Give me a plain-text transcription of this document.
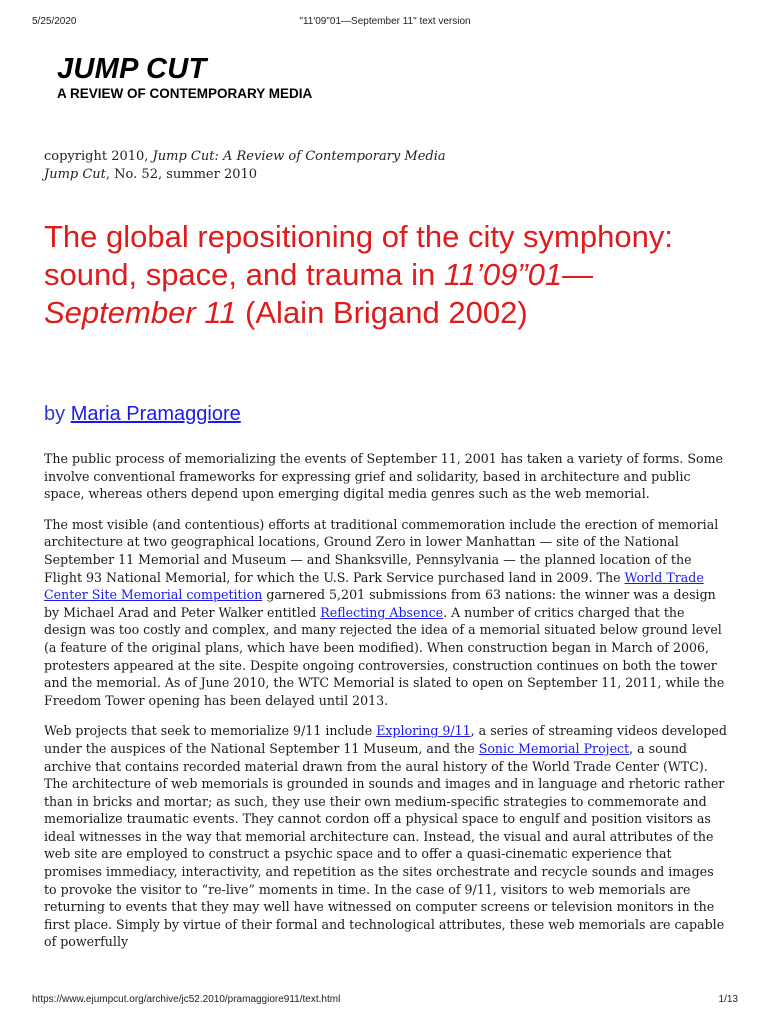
5/25/2020	"11'09"01—September 11" text version
JUMP CUT
A REVIEW OF CONTEMPORARY MEDIA
copyright 2010, Jump Cut: A Review of Contemporary Media
Jump Cut, No. 52, summer 2010
The global repositioning of the city symphony: sound, space, and trauma in 11’09”01—September 11 (Alain Brigand 2002)
by Maria Pramaggiore

The public process of memorializing the events of September 11, 2001 has taken a variety of forms. Some involve conventional frameworks for expressing grief and solidarity, based in architecture and public space, whereas others depend upon emerging digital media genres such as the web memorial.

The most visible (and contentious) efforts at traditional commemoration include the erection of memorial architecture at two geographical locations, Ground Zero in lower Manhattan — site of the National September 11 Memorial and Museum — and Shanksville, Pennsylvania — the planned location of the Flight 93 National Memorial, for which the U.S. Park Service purchased land in 2009. The World Trade Center Site Memorial competition garnered 5,201 submissions from 63 nations: the winner was a design by Michael Arad and Peter Walker entitled Reflecting Absence. A number of critics charged that the design was too costly and complex, and many rejected the idea of a memorial situated below ground level (a feature of the original plans, which have been modified). When construction began in March of 2006, protesters appeared at the site. Despite ongoing controversies, construction continues on both the tower and the memorial. As of June 2010, the WTC Memorial is slated to open on September 11, 2011, while the Freedom Tower opening has been delayed until 2013.

Web projects that seek to memorialize 9/11 include Exploring 9/11, a series of streaming videos developed under the auspices of the National September 11 Museum, and the Sonic Memorial Project, a sound archive that contains recorded material drawn from the aural history of the World Trade Center (WTC). The architecture of web memorials is grounded in sounds and images and in language and rhetoric rather than in bricks and mortar; as such, they use their own medium-specific strategies to commemorate and memorialize traumatic events. They cannot cordon off a physical space to engulf and position visitors as ideal witnesses in the way that memorial architecture can. Instead, the visual and aural attributes of the web site are employed to construct a psychic space and to offer a quasi-cinematic experience that promises immediacy, interactivity, and repetition as the sites orchestrate and recycle sounds and images to provoke the visitor to “re-live” moments in time. In the case of 9/11, visitors to web memorials are returning to events that they may well have witnessed on computer screens or television monitors in the first place. Simply by virtue of their formal and technological attributes, these web memorials are capable of powerfully

https://www.ejumpcut.org/archive/jc52.2010/pramaggiore911/text.html	1/13
